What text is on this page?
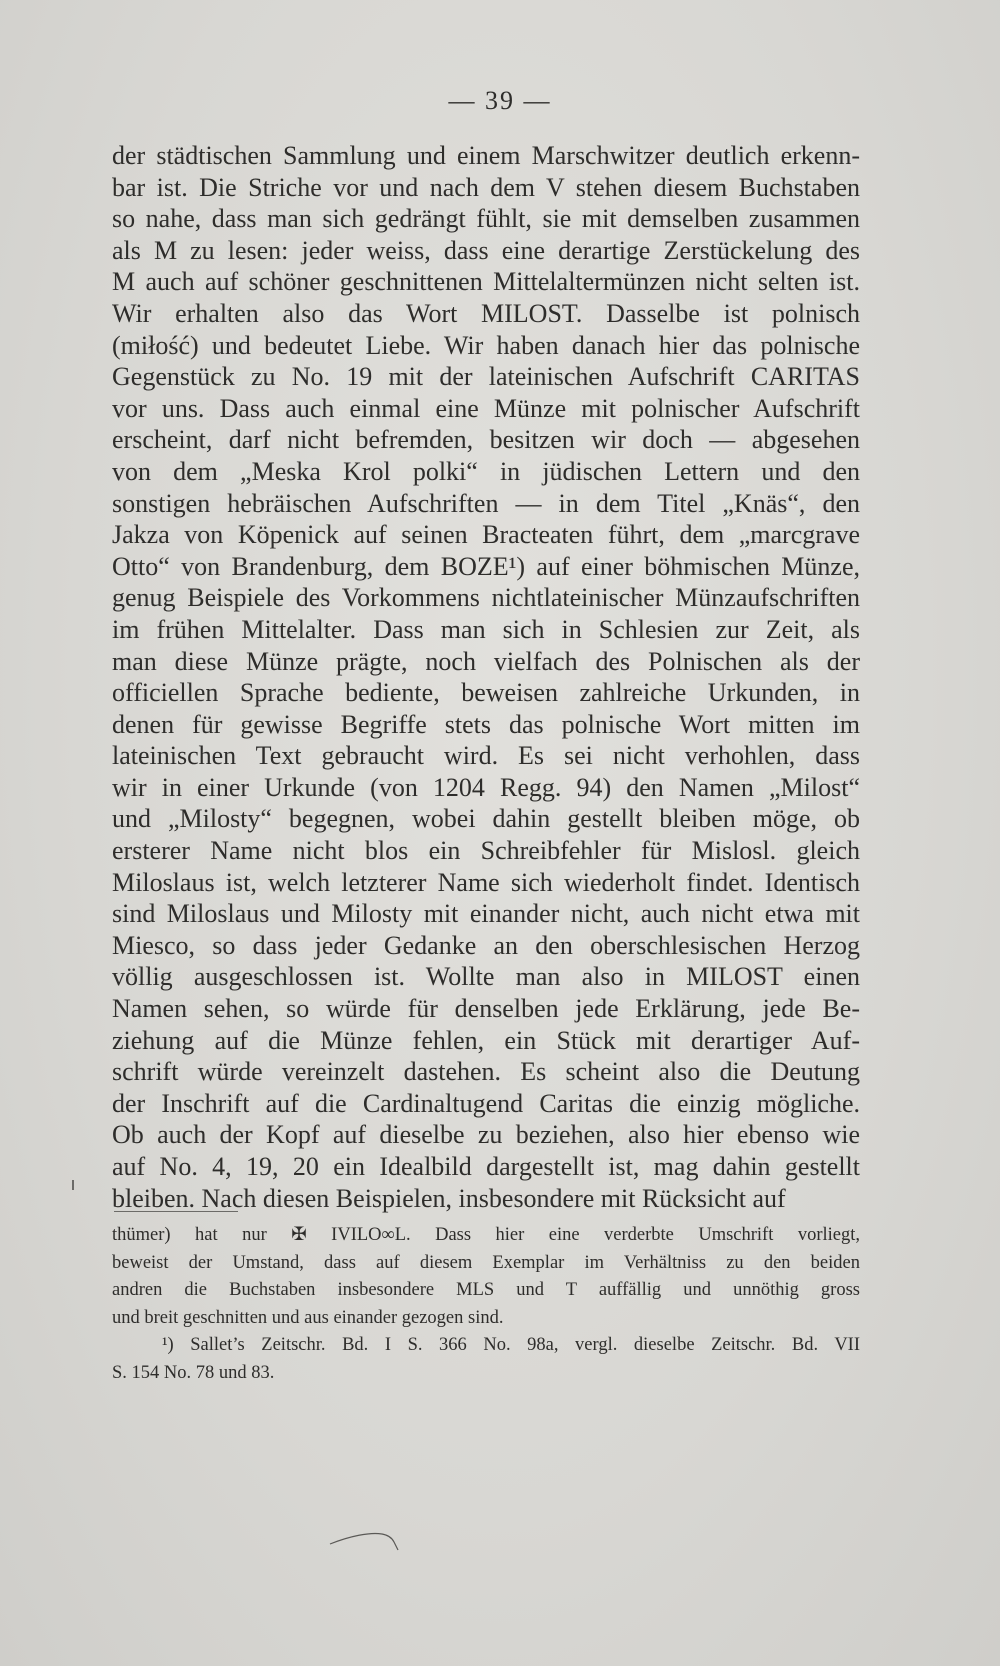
— 39 —
der städtischen Sammlung und einem Marschwitzer deutlich erkenn-
bar ist. Die Striche vor und nach dem V stehen diesem Buchstaben
so nahe, dass man sich gedrängt fühlt, sie mit demselben zusammen
als M zu lesen: jeder weiss, dass eine derartige Zerstückelung des
M auch auf schöner geschnittenen Mittelaltermünzen nicht selten ist.
Wir erhalten also das Wort MILOST. Dasselbe ist polnisch
(miłość) und bedeutet Liebe. Wir haben danach hier das polnische
Gegenstück zu No. 19 mit der lateinischen Aufschrift CARITAS
vor uns. Dass auch einmal eine Münze mit polnischer Aufschrift
erscheint, darf nicht befremden, besitzen wir doch — abgesehen
von dem „Meska Krol polki“ in jüdischen Lettern und den
sonstigen hebräischen Aufschriften — in dem Titel „Knäs“, den
Jakza von Köpenick auf seinen Bracteaten führt, dem „marcgrave
Otto“ von Brandenburg, dem BOZE¹) auf einer böhmischen Münze,
genug Beispiele des Vorkommens nichtlateinischer Münzaufschriften
im frühen Mittelalter. Dass man sich in Schlesien zur Zeit, als
man diese Münze prägte, noch vielfach des Polnischen als der
officiellen Sprache bediente, beweisen zahlreiche Urkunden, in
denen für gewisse Begriffe stets das polnische Wort mitten im
lateinischen Text gebraucht wird. Es sei nicht verhohlen, dass
wir in einer Urkunde (von 1204 Regg. 94) den Namen „Milost“
und „Milosty“ begegnen, wobei dahin gestellt bleiben möge, ob
ersterer Name nicht blos ein Schreibfehler für Mislosl. gleich
Miloslaus ist, welch letzterer Name sich wiederholt findet. Identisch
sind Miloslaus und Milosty mit einander nicht, auch nicht etwa mit
Miesco, so dass jeder Gedanke an den oberschlesischen Herzog
völlig ausgeschlossen ist. Wollte man also in MILOST einen
Namen sehen, so würde für denselben jede Erklärung, jede Be-
ziehung auf die Münze fehlen, ein Stück mit derartiger Auf-
schrift würde vereinzelt dastehen. Es scheint also die Deutung
der Inschrift auf die Cardinaltugend Caritas die einzig mögliche.
Ob auch der Kopf auf dieselbe zu beziehen, also hier ebenso wie
auf No. 4, 19, 20 ein Idealbild dargestellt ist, mag dahin gestellt
bleiben. Nach diesen Beispielen, insbesondere mit Rücksicht auf
thümer) hat nur ✠ IVILO∞L. Dass hier eine verderbte Umschrift vorliegt,
beweist der Umstand, dass auf diesem Exemplar im Verhältniss zu den beiden
andren die Buchstaben insbesondere MLS und T auffällig und unnöthig gross
und breit geschnitten und aus einander gezogen sind.
¹) Sallet’s Zeitschr. Bd. I S. 366 No. 98a, vergl. dieselbe Zeitschr. Bd. VII
S. 154 No. 78 und 83.
